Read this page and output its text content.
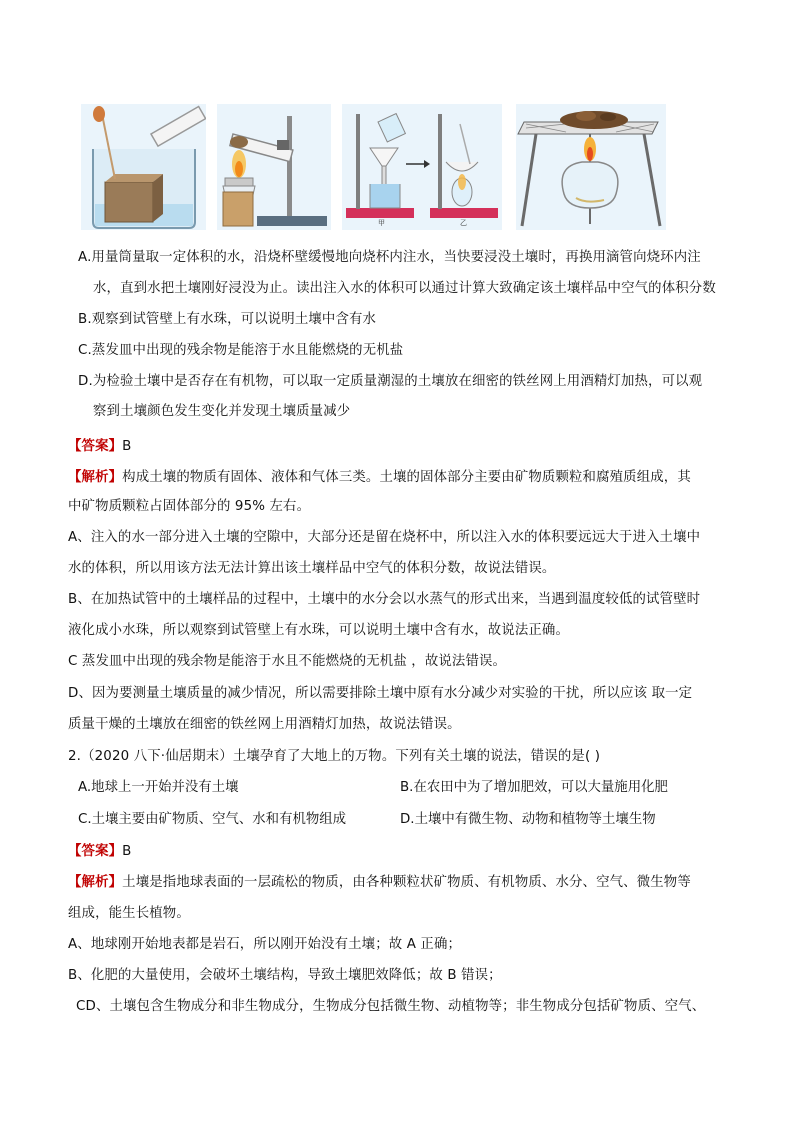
甲	乙
A.用量筒量取一定体积的水，沿烧杯壁缓慢地向烧杯内注水，当快要浸没土壤时，再换用滴管向烧环内注
水，直到水把土壤刚好浸没为止。读出注入水的体积可以通过计算大致确定该土壤样品中空气的体积分数
B.观察到试管壁上有水珠，可以说明土壤中含有水
C.蒸发皿中出现的残余物是能溶于水且能燃烧的无机盐
D.为检验土壤中是否存在有机物，可以取一定质量潮湿的土壤放在细密的铁丝网上用酒精灯加热，可以观
察到土壤颜色发生变化并发现土壤质量减少
【答案】B
【解析】构成土壤的物质有固体、液体和气体三类。土壤的固体部分主要由矿物质颗粒和腐殖质组成，其
中矿物质颗粒占固体部分的 95% 左右。
A、注入的水一部分进入土壤的空隙中，大部分还是留在烧杯中，所以注入水的体积要远远大于进入土壤中
水的体积，所以用该方法无法计算出该土壤样品中空气的体积分数，故说法错误。
B、在加热试管中的土壤样品的过程中，土壤中的水分会以水蒸气的形式出来，当遇到温度较低的试管壁时
液化成小水珠，所以观察到试管壁上有水珠，可以说明土壤中含有水，故说法正确。
C 蒸发皿中出现的残余物是能溶于水且不能燃烧的无机盐 ，故说法错误。
D、因为要测量土壤质量的减少情况，所以需要排除土壤中原有水分减少对实验的干扰，所以应该 取一定
质量干燥的土壤放在细密的铁丝网上用酒精灯加热，故说法错误。
2.（2020 八下·仙居期末）土壤孕育了大地上的万物。下列有关土壤的说法，错误的是( )
A.地球上一开始并没有土壤	B.在农田中为了增加肥效，可以大量施用化肥
C.土壤主要由矿物质、空气、水和有机物组成	D.土壤中有微生物、动物和植物等土壤生物
【答案】B
【解析】土壤是指地球表面的一层疏松的物质，由各种颗粒状矿物质、有机物质、水分、空气、微生物等
组成，能生长植物。
A、地球刚开始地表都是岩石，所以刚开始没有土壤；故 A 正确；
B、化肥的大量使用，会破坏土壤结构，导致土壤肥效降低；故 B 错误；
CD、土壤包含生物成分和非生物成分，生物成分包括微生物、动植物等；非生物成分包括矿物质、空气、
